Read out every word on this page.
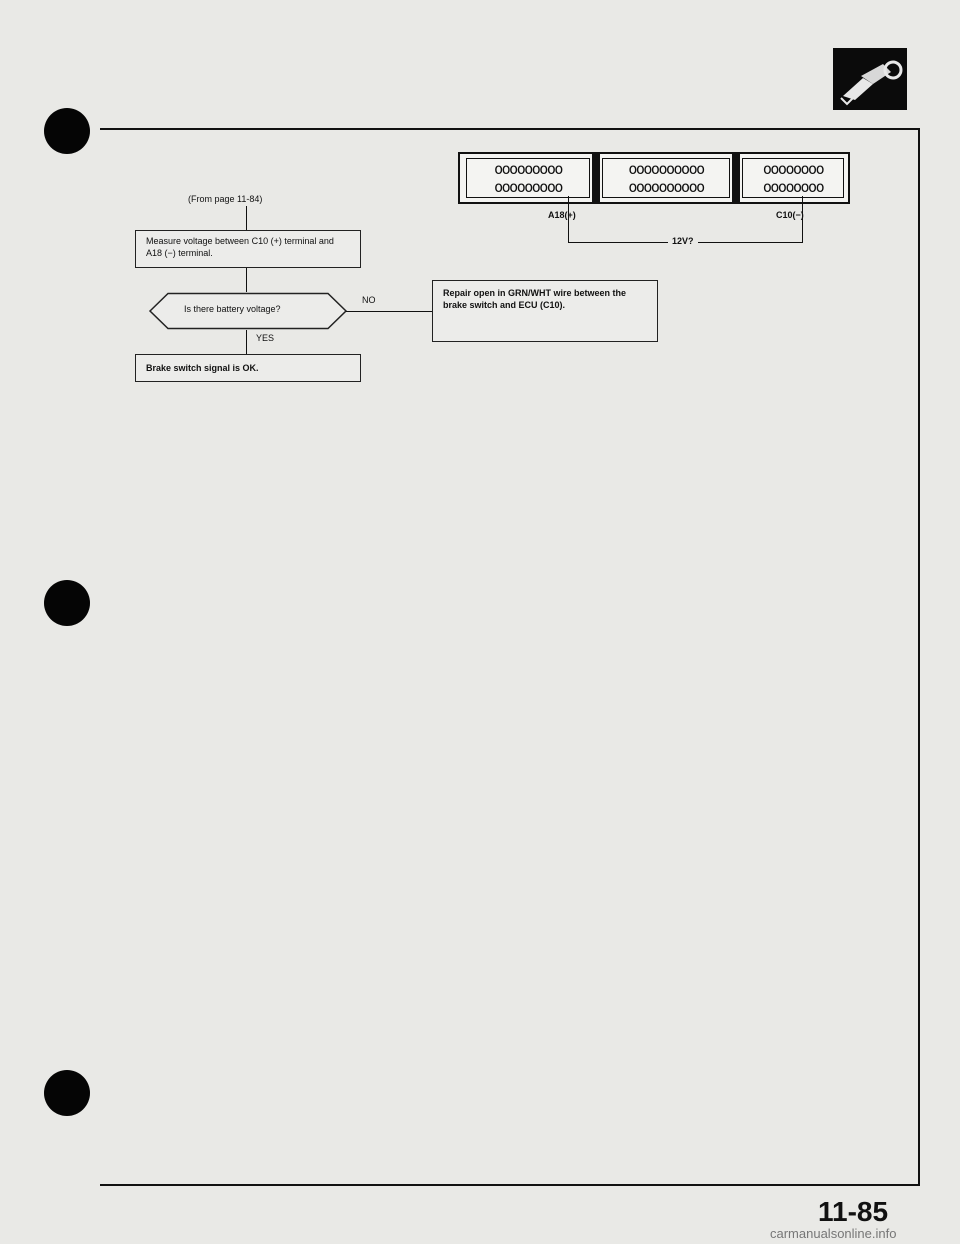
(From page 11-84)
Measure voltage between C10 (+) terminal and A18 (−) terminal.
Is there battery voltage?
NO
Repair open in GRN/WHT wire between the brake switch and ECU (C10).
YES
Brake switch signal is OK.
ooooooooo
ooooooooo
oooooooooo
oooooooooo
oooooooo
oooooooo
A18(+)	C10(−)
12V?
11-85
carmanualsonline.info
